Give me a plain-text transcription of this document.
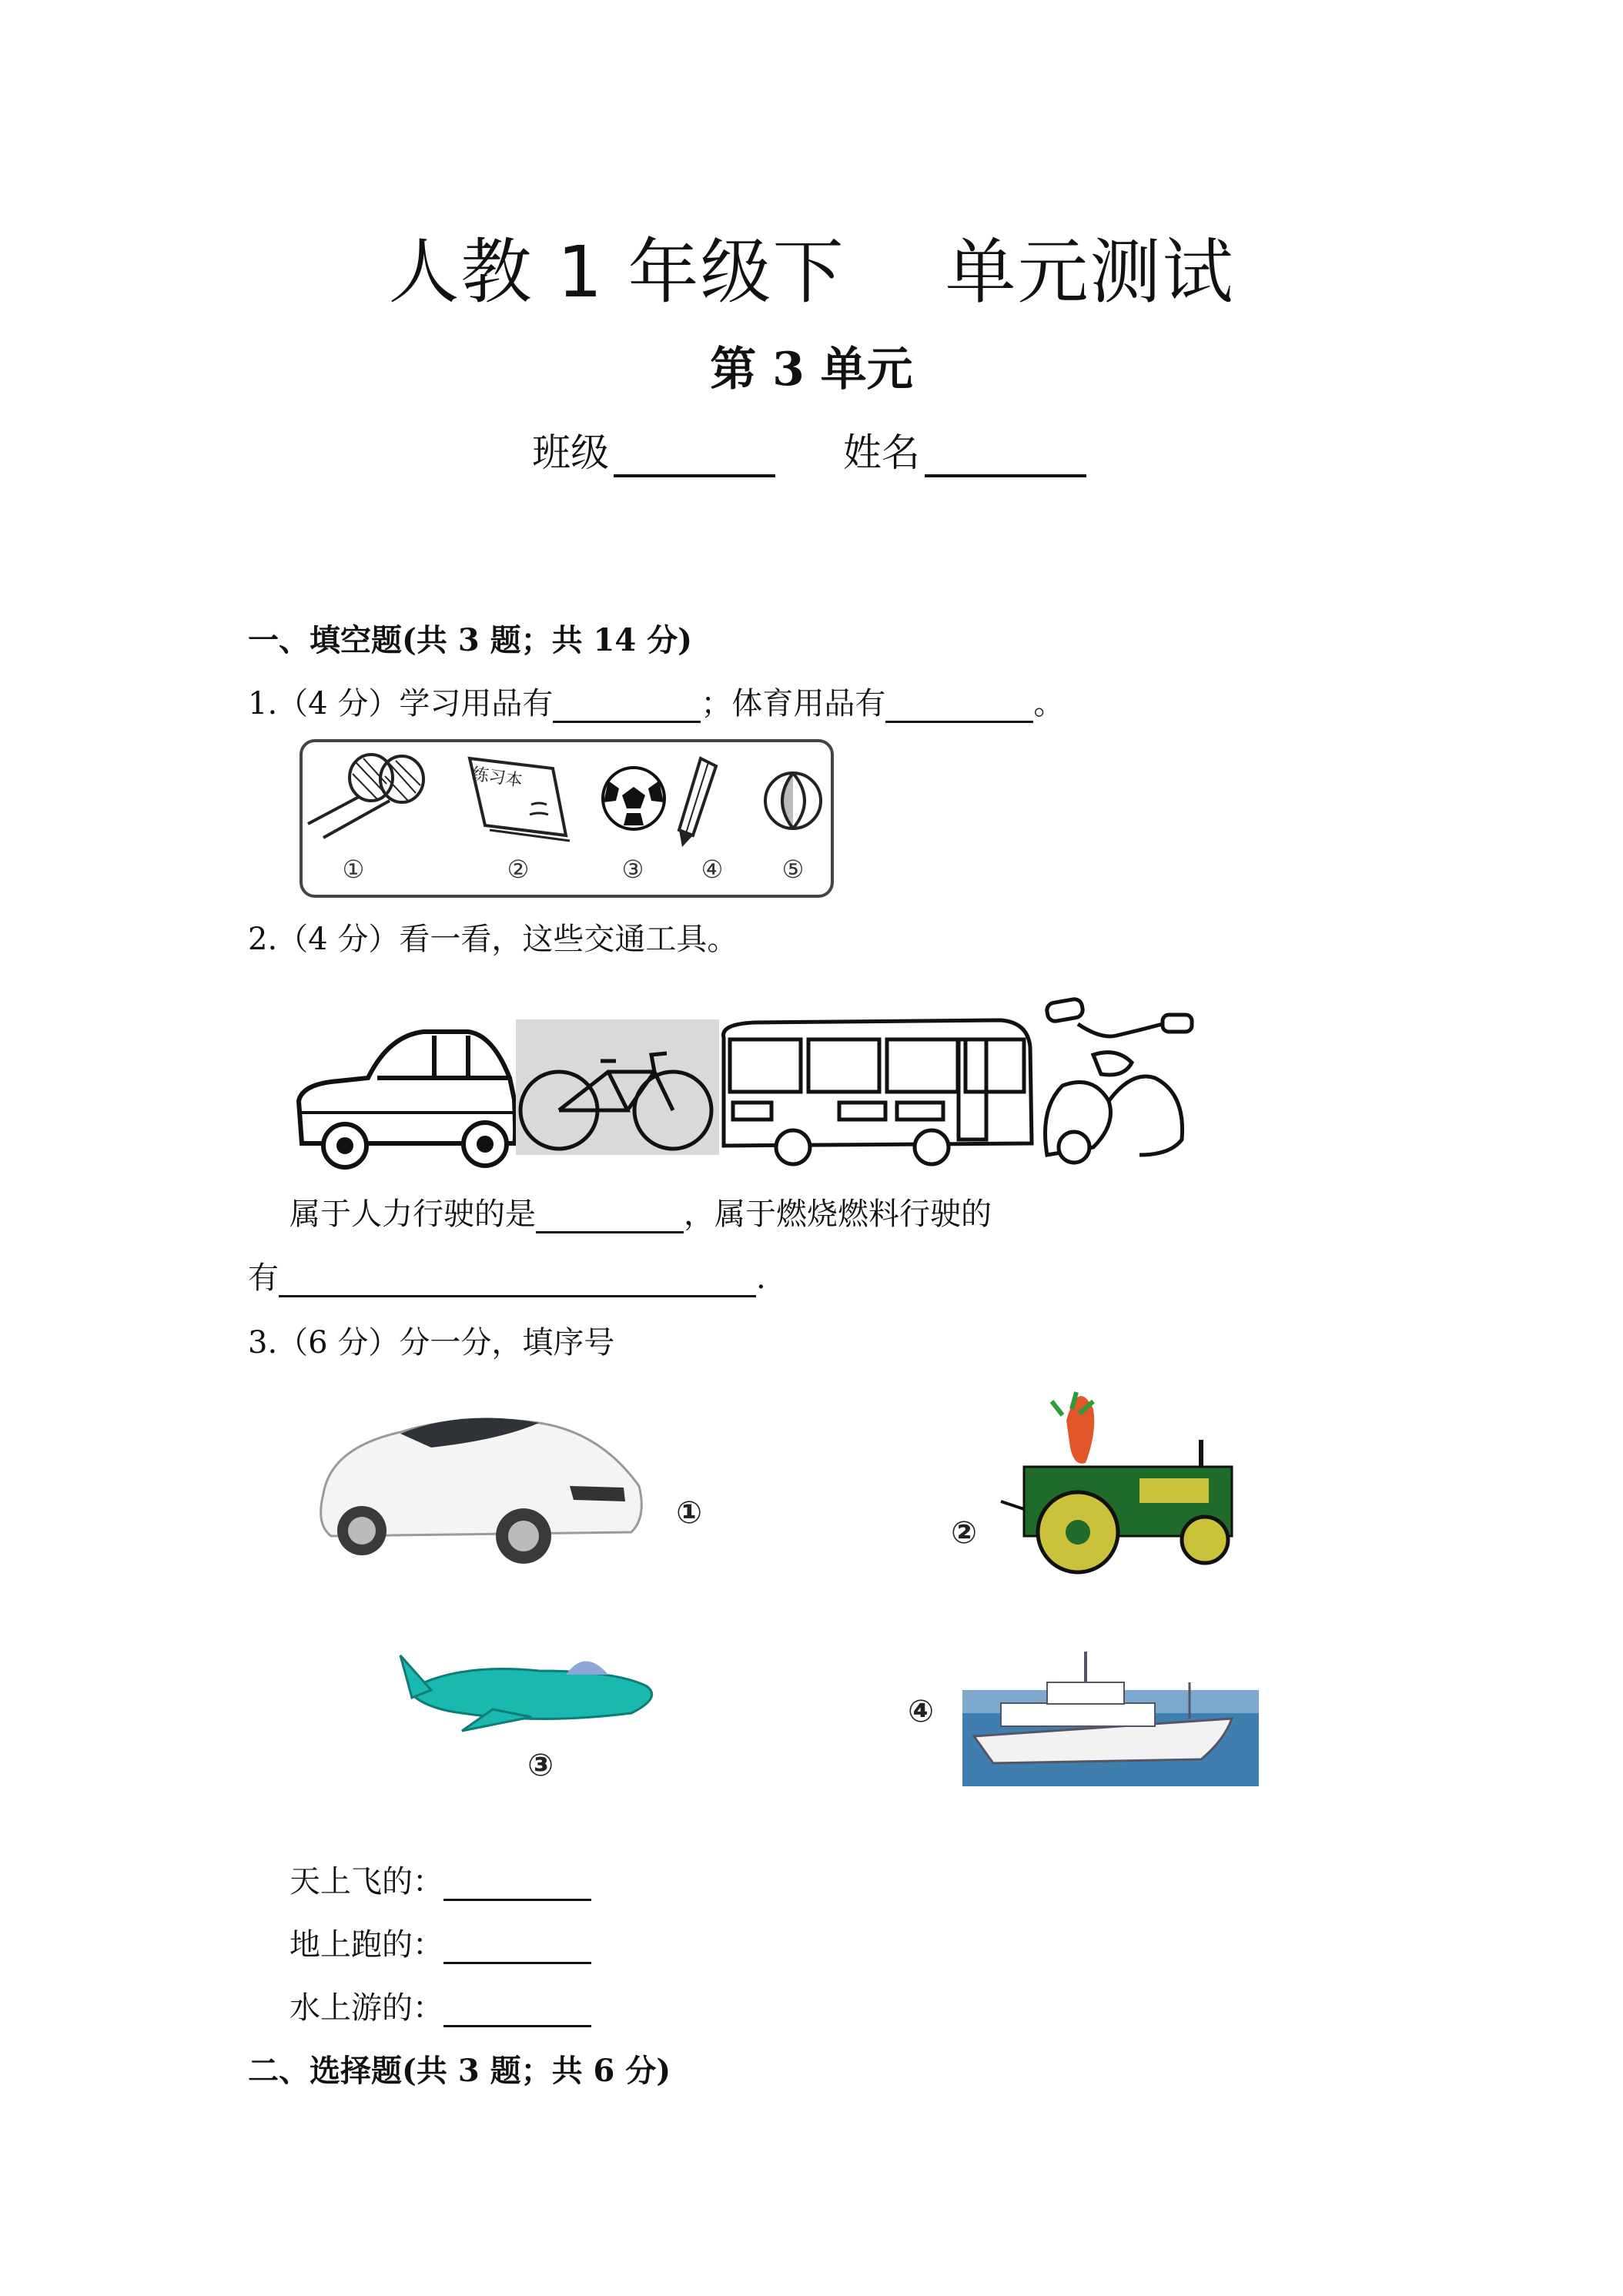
人教 1 年级下 单元测试
第 3 单元
班级	姓名
一、填空题(共 3 题；共 14 分)
1.（4 分）学习用品有	；体育用品有	。
①	②	③ ④ ⑤
练习本
2.（4 分）看一看，这些交通工具。
属于人力行驶的是	，属于燃烧燃料行驶的
有	.
3.（6 分）分一分，填序号
①
②
③
④
天上飞的：
地上跑的：
水上游的：
二、选择题(共 3 题；共 6 分)
